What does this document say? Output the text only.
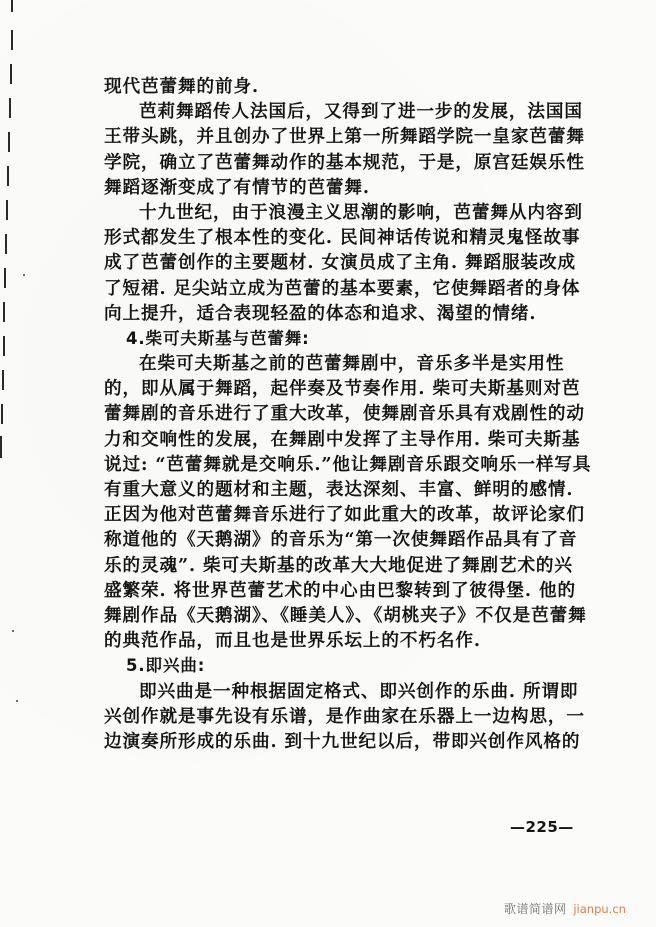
现代芭蕾舞的前身.
芭莉舞蹈传人法国后，又得到了进一步的发展，法国国
王带头跳，并且创办了世界上第一所舞蹈学院一皇家芭蕾舞
学院，确立了芭蕾舞动作的基本规范，于是，原宫廷娱乐性
舞蹈逐渐变成了有情节的芭蕾舞.
十九世纪，由于浪漫主义思潮的影响，芭蕾舞从内容到
形式都发生了根本性的变化. 民间神话传说和精灵鬼怪故事
成了芭蕾创作的主要题材. 女演员成了主角. 舞蹈服装改成
了短裙. 足尖站立成为芭蕾的基本要素，它使舞蹈者的身体
向上提升，适合表现轻盈的体态和追求、渴望的情绪.
4.柴可夫斯基与芭蕾舞:
在柴可夫斯基之前的芭蕾舞剧中，音乐多半是实用性
的，即从属于舞蹈，起伴奏及节奏作用. 柴可夫斯基则对芭
蕾舞剧的音乐进行了重大改革，使舞剧音乐具有戏剧性的动
力和交响性的发展，在舞剧中发挥了主导作用. 柴可夫斯基
说过: “芭蕾舞就是交响乐.”他让舞剧音乐跟交响乐一样写具
有重大意义的题材和主题，表达深刻、丰富、鲜明的感情.
正因为他对芭蕾舞音乐进行了如此重大的改革，故评论家们
称道他的《天鹅湖》的音乐为“第一次使舞蹈作品具有了音
乐的灵魂”. 柴可夫斯基的改革大大地促进了舞剧艺术的兴
盛繁荣. 将世界芭蕾艺术的中心由巴黎转到了彼得堡. 他的
舞剧作品《天鹅湖》、《睡美人》、《胡桃夹子》不仅是芭蕾舞
的典范作品，而且也是世界乐坛上的不朽名作.
5.即兴曲:
即兴曲是一种根据固定格式、即兴创作的乐曲. 所谓即
兴创作就是事先设有乐谱，是作曲家在乐器上一边构思，一
边演奏所形成的乐曲. 到十九世纪以后，带即兴创作风格的
—225—
歌谱简谱网 jianpu.cn
